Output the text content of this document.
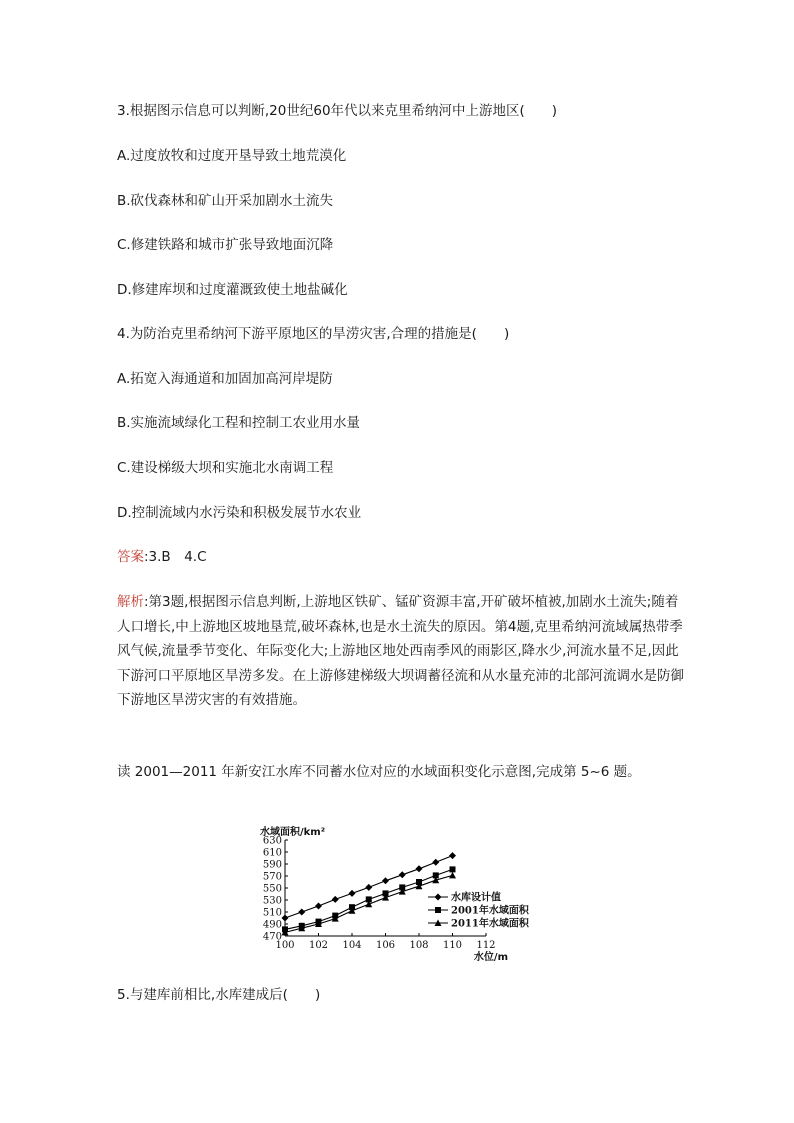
3.根据图示信息可以判断,20世纪60年代以来克里希纳河中上游地区(　　)
A.过度放牧和过度开垦导致土地荒漠化
B.砍伐森林和矿山开采加剧水土流失
C.修建铁路和城市扩张导致地面沉降
D.修建库坝和过度灌溉致使土地盐碱化
4.为防治克里希纳河下游平原地区的旱涝灾害,合理的措施是(　　)
A.拓宽入海通道和加固加高河岸堤防
B.实施流域绿化工程和控制工农业用水量
C.建设梯级大坝和实施北水南调工程
D.控制流域内水污染和积极发展节水农业
答案:3.B　4.C
解析:第3题,根据图示信息判断,上游地区铁矿、锰矿资源丰富,开矿破坏植被,加剧水土流失;随着人口增长,中上游地区坡地垦荒,破坏森林,也是水土流失的原因。第4题,克里希纳河流域属热带季风气候,流量季节变化、年际变化大;上游地区地处西南季风的雨影区,降水少,河流水量不足,因此下游河口平原地区旱涝多发。在上游修建梯级大坝调蓄径流和从水量充沛的北部河流调水是防御下游地区旱涝灾害的有效措施。
读 2001—2011 年新安江水库不同蓄水位对应的水域面积变化示意图,完成第 5~6 题。
470
490
510
530
550
570
590
610
630
100 102 104 106 108 110 112
水域面积/km²
水位/m
水库设计值
2001年水域面积
2011年水域面积
5.与建库前相比,水库建成后(　　)
